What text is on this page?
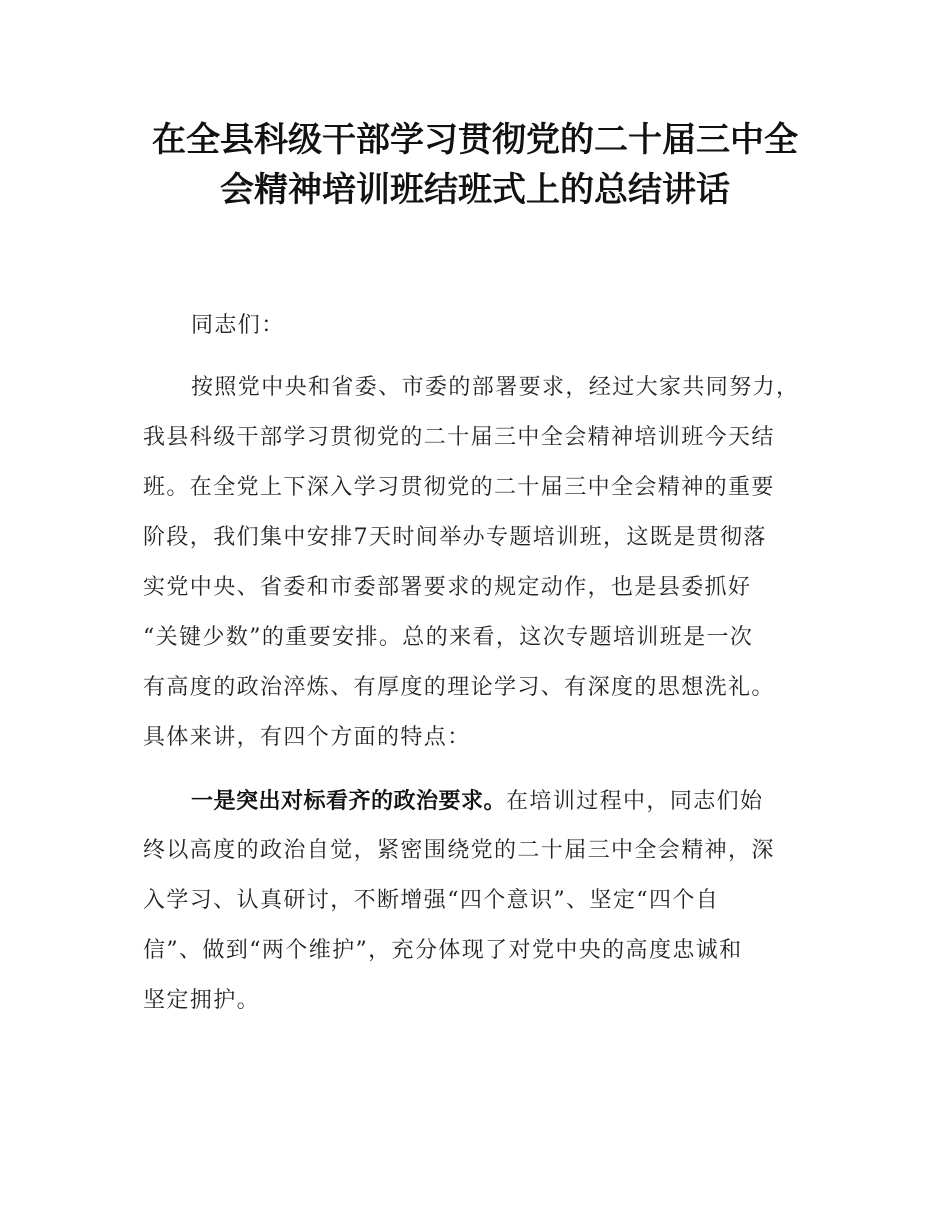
在全县科级干部学习贯彻党的二十届三中全
会精神培训班结班式上的总结讲话
同志们：
按照党中央和省委、市委的部署要求，经过大家共同努力，
我县科级干部学习贯彻党的二十届三中全会精神培训班今天结
班。在全党上下深入学习贯彻党的二十届三中全会精神的重要
阶段，我们集中安排7天时间举办专题培训班，这既是贯彻落
实党中央、省委和市委部署要求的规定动作，也是县委抓好
“关键少数”的重要安排。总的来看，这次专题培训班是一次
有高度的政治淬炼、有厚度的理论学习、有深度的思想洗礼。
具体来讲，有四个方面的特点：
一是突出对标看齐的政治要求。在培训过程中，同志们始
终以高度的政治自觉，紧密围绕党的二十届三中全会精神，深
入学习、认真研讨，不断增强“四个意识”、坚定“四个自
信”、做到“两个维护”，充分体现了对党中央的高度忠诚和
坚定拥护。
